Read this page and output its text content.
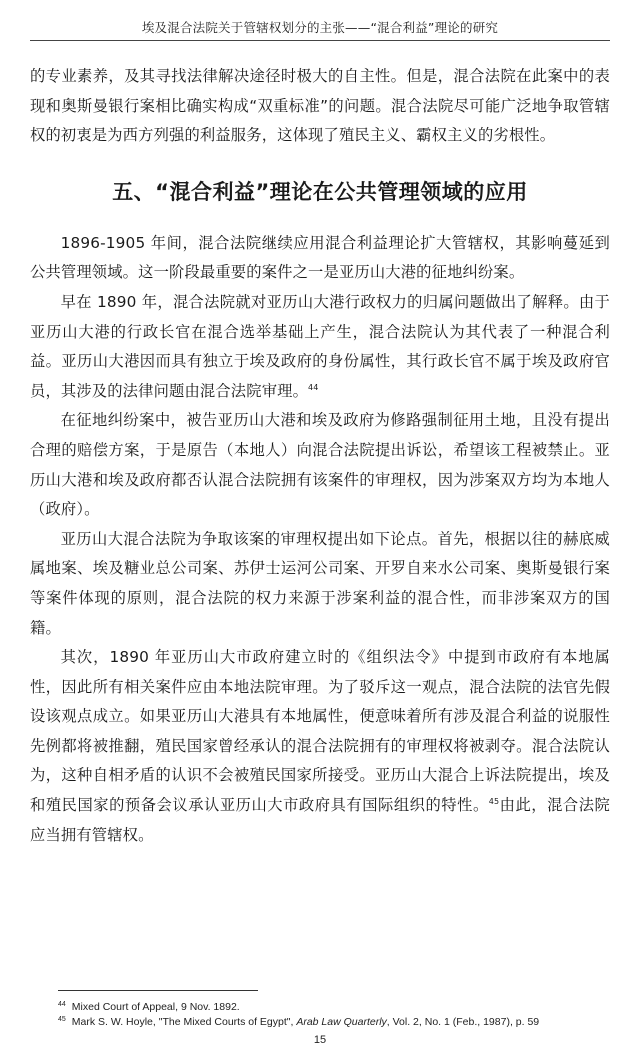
埃及混合法院关于管辖权划分的主张——“混合利益”理论的研究

的专业素养，及其寻找法律解决途径时极大的自主性。但是，混合法院在此案中的表现和奥斯曼银行案相比确实构成“双重标准”的问题。混合法院尽可能广泛地争取管辖权的初衷是为西方列强的利益服务，这体现了殖民主义、霸权主义的劣根性。

五、“混合利益”理论在公共管理领域的应用

1896-1905 年间，混合法院继续应用混合利益理论扩大管辖权，其影响蔓延到公共管理领域。这一阶段最重要的案件之一是亚历山大港的征地纠纷案。

早在 1890 年，混合法院就对亚历山大港行政权力的归属问题做出了解释。由于亚历山大港的行政长官在混合选举基础上产生，混合法院认为其代表了一种混合利益。亚历山大港因而具有独立于埃及政府的身份属性，其行政长官不属于埃及政府官员，其涉及的法律问题由混合法院审理。$^{44}$

在征地纠纷案中，被告亚历山大港和埃及政府为修路强制征用土地，且没有提出合理的赔偿方案，于是原告（本地人）向混合法院提出诉讼，希望该工程被禁止。亚历山大港和埃及政府都否认混合法院拥有该案件的审理权，因为涉案双方均为本地人（政府）。

亚历山大混合法院为争取该案的审理权提出如下论点。首先，根据以往的赫底威属地案、埃及糖业总公司案、苏伊士运河公司案、开罗自来水公司案、奥斯曼银行案等案件体现的原则，混合法院的权力来源于涉案利益的混合性，而非涉案双方的国籍。

其次，1890 年亚历山大市政府建立时的《组织法令》中提到市政府有本地属性，因此所有相关案件应由本地法院审理。为了驳斥这一观点，混合法院的法官先假设该观点成立。如果亚历山大港具有本地属性，便意味着所有涉及混合利益的说服性先例都将被推翻，殖民国家曾经承认的混合法院拥有的审理权将被剥夺。混合法院认为，这种自相矛盾的认识不会被殖民国家所接受。亚历山大混合上诉法院提出，埃及和殖民国家的预备会议承认亚历山大市政府具有国际组织的特性。$^{45}$由此，混合法院应当拥有管辖权。

$^{44}$ Mixed Court of Appeal, 9 Nov. 1892.
$^{45}$ Mark S. W. Hoyle, "The Mixed Courts of Egypt", Arab Law Quarterly, Vol. 2, No. 1 (Feb., 1987), p. 59
15
